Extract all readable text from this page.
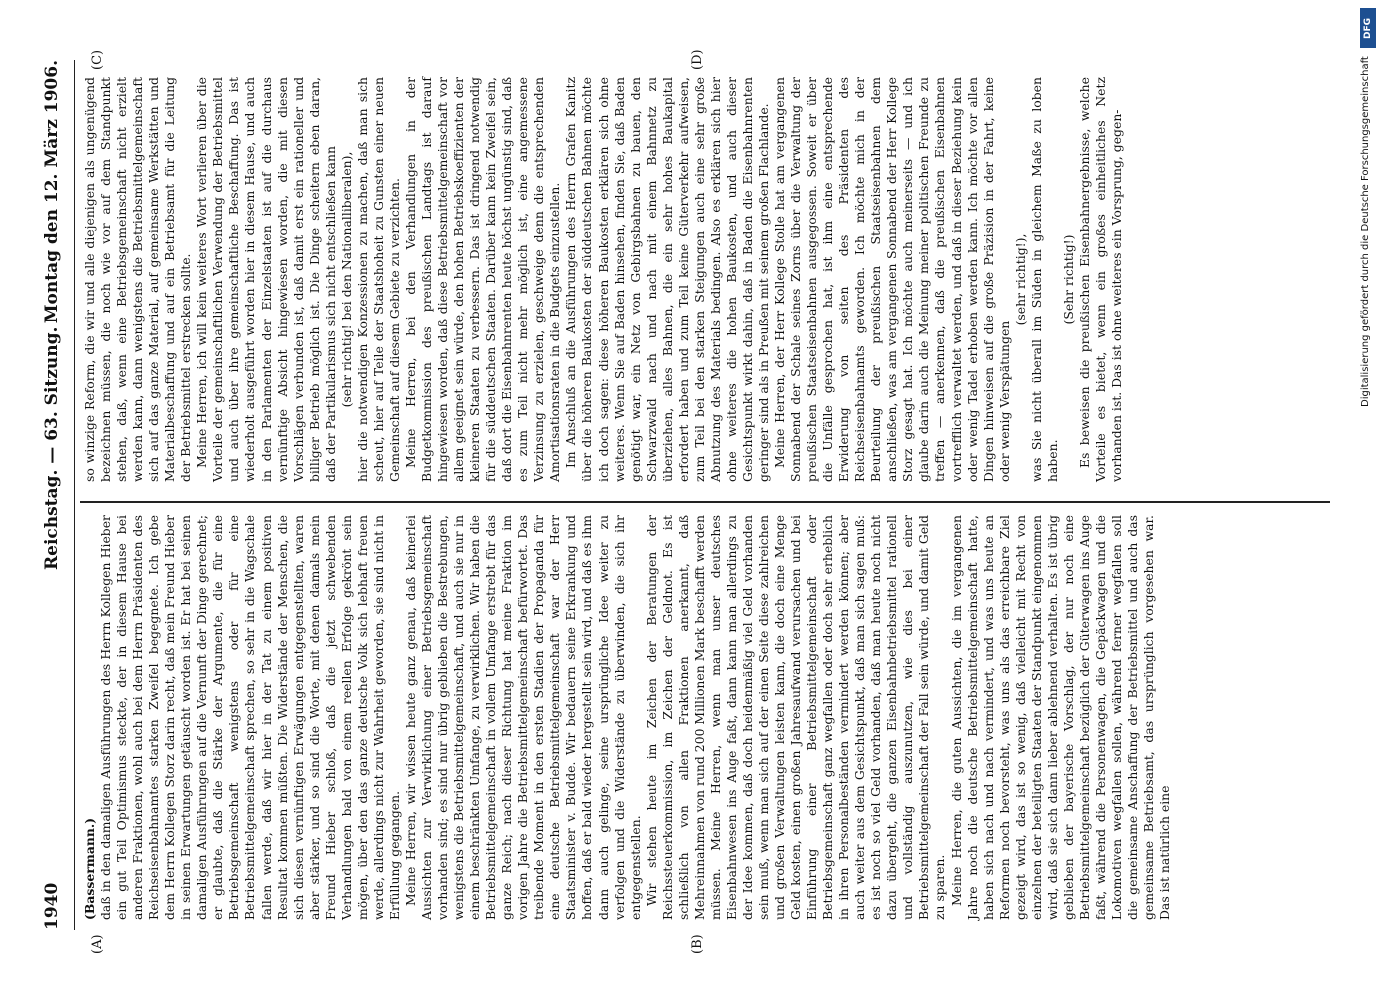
1940
Reichstag. — 63. Sitzung.
Montag den 12. März 1906.
(A)	(B)
(C)	(D)

(Bassermann.) daß in den damaligen Ausführungen des Herrn Kollegen Hieber ein gut Teil Optimismus steckte, der in diesem Hause bei anderen Fraktionen, wohl auch bei dem Herrn Präsidenten des Reichseisenbahnamtes starken Zweifel begegnete. Ich gebe dem Herrn Kollegen Storz darin recht, daß mein Freund Hieber in seinen Erwartungen getäuscht worden ist. Er hat bei seinen damaligen Ausführungen auf die Vernunft der Dinge gerechnet; er glaubte, daß die Stärke der Argumente, die für eine Betriebsgemeinschaft wenigstens oder für eine Betriebsmittelgemeinschaft sprechen, so sehr in die Wagschale fallen werde, daß wir hier in der Tat zu einem positiven Resultat kommen müßten. Die Widerstände der Menschen, die sich diesen vernünftigen Erwägungen entgegenstellten, waren aber stärker, und so sind die Worte, mit denen damals mein Freund Hieber schloß, daß die jetzt schwebenden Verhandlungen bald von einem reellen Erfolge gekrönt sein mögen, über den das ganze deutsche Volk sich lebhaft freuen werde, allerdings nicht zur Wahrheit geworden, sie sind nicht in Erfüllung gegangen. Meine Herren, wir wissen heute ganz genau, daß keinerlei Aussichten zur Verwirklichung einer Betriebsgemeinschaft vorhanden sind; es sind nur übrig geblieben die Bestrebungen, wenigstens die Betriebsmittelgemeinschaft, und auch sie nur in einem beschränkten Umfange, zu verwirklichen. Wir haben die Betriebsmittelgemeinschaft in vollem Umfange erstrebt für das ganze Reich; nach dieser Richtung hat meine Fraktion im vorigen Jahre die Betriebsmittelgemeinschaft befürwortet. Das treibende Moment in den ersten Stadien der Propaganda für eine deutsche Betriebsmittelgemeinschaft war der Herr Staatsminister v. Budde. Wir bedauern seine Erkrankung und hoffen, daß er bald wieder hergestellt sein wird, und daß es ihm dann auch gelinge, seine ursprüngliche Idee weiter zu verfolgen und die Widerstände zu überwinden, die sich ihr entgegenstellen. Wir stehen heute im Zeichen der Beratungen der Reichssteuerkommission, im Zeichen der Geldnot. Es ist schließlich von allen Fraktionen anerkannt, daß Mehreinnahmen von rund 200 Millionen Mark beschafft werden müssen. Meine Herren, wenn man unser deutsches Eisenbahnwesen ins Auge faßt, dann kann man allerdings zu der Idee kommen, daß doch heidenmäßig viel Geld vorhanden sein muß, wenn man sich auf der einen Seite diese zahlreichen und großen Verwaltungen leisten kann, die doch eine Menge Geld kosten, einen großen Jahresaufwand verursachen und bei Einführung einer Betriebsmittelgemeinschaft oder Betriebsgemeinschaft ganz wegfallen oder doch sehr erheblich in ihren Personalbeständen vermindert werden können; aber auch weiter aus dem Gesichtspunkt, daß man sich sagen muß: es ist noch so viel Geld vorhanden, daß man heute noch nicht dazu übergeht, die ganzen Eisenbahnbetriebsmittel rationell und vollständig auszunutzen, wie dies bei einer Betriebsmittelgemeinschaft der Fall sein würde, und damit Geld zu sparen. Meine Herren, die guten Aussichten, die im vergangenen Jahre noch die deutsche Betriebsmittelgemeinschaft hatte, haben sich nach und nach vermindert, und was uns heute an Reformen noch bevorsteht, was uns als das erreichbare Ziel gezeigt wird, das ist so wenig, daß vielleicht mit Recht von einzelnen der beteiligten Staaten der Standpunkt eingenommen wird, daß sie sich dann lieber ablehnend verhalten. Es ist übrig geblieben der bayerische Vorschlag, der nur noch eine Betriebsmittelgemeinschaft bezüglich der Güterwagen ins Auge faßt, während die Personenwagen, die Gepäckwagen und die Lokomotiven wegfallen sollen, während ferner wegfallen soll die gemeinsame Anschaffung der Betriebsmittel und auch das gemeinsame Betriebsamt, das ursprünglich vorgesehen war. Das ist natürlich eine

so winzige Reform, die wir und alle diejenigen als ungenügend bezeichnen müssen, die noch wie vor auf dem Standpunkt stehen, daß, wenn eine Betriebsgemeinschaft nicht erzielt werden kann, dann wenigstens die Betriebsmittelgemeinschaft sich auf das ganze Material, auf gemeinsame Werkstätten und Materialbeschaffung und auf ein Betriebsamt für die Leitung der Betriebsmittel erstrecken sollte. Meine Herren, ich will kein weiteres Wort verlieren über die Vorteile der gemeinschaftlichen Verwendung der Betriebsmittel und auch über ihre gemeinschaftliche Beschaffung. Das ist wiederholt ausgeführt worden hier in diesem Hause, und auch in den Parlamenten der Einzelstaaten ist auf die durchaus vernünftige Absicht hingewiesen worden, die mit diesen Vorschlägen verbunden ist, daß damit erst ein rationeller und billiger Betrieb möglich ist. Die Dinge scheitern eben daran, daß der Partikularismus sich nicht entschließen kann (sehr richtig! bei den Nationalliberalen), hier die notwendigen Konzessionen zu machen, daß man sich scheut, hier auf Teile der Staatshoheit zu Gunsten einer neuen Gemeinschaft auf diesem Gebiete zu verzichten. Meine Herren, bei den Verhandlungen in der Budgetkommission des preußischen Landtags ist darauf hingewiesen worden, daß diese Betriebsmittelgemeinschaft vor allem geeignet sein würde, den hohen Betriebskoeffizienten der kleineren Staaten zu verbessern. Das ist dringend notwendig für die süddeutschen Staaten. Darüber kann kein Zweifel sein, daß dort die Eisenbahnrenten heute höchst ungünstig sind, daß es zum Teil nicht mehr möglich ist, eine angemessene Verzinsung zu erzielen, geschweige denn die entsprechenden Amortisationsraten in die Budgets einzustellen. Im Anschluß an die Ausführungen des Herrn Grafen Kanitz über die höheren Baukosten der süddeutschen Bahnen möchte ich doch sagen: diese höheren Baukosten erklären sich ohne weiteres. Wenn Sie auf Baden hinsehen, finden Sie, daß Baden genötigt war, ein Netz von Gebirgsbahnen zu bauen, den Schwarzwald nach und nach mit einem Bahnnetz zu überziehen, alles Bahnen, die ein sehr hohes Baukapital erfordert haben und zum Teil keine Güterverkehr aufweisen, zum Teil bei den starken Steigungen auch eine sehr große Abnutzung des Materials bedingen. Also es erklären sich hier ohne weiteres die hohen Baukosten, und auch dieser Gesichtspunkt wirkt dahin, daß in Baden die Eisenbahnrenten geringer sind als in Preußen mit seinem großen Flachlande. Meine Herren, der Herr Kollege Stolle hat am vergangenen Sonnabend der Schale seines Zorns über die Verwaltung der preußischen Staatseisenbahnen ausgegossen. Soweit er über die Unfälle gesprochen hat, ist ihm eine entsprechende Erwiderung von seiten des Präsidenten des Reichseisenbahnamts geworden. Ich möchte mich in der Beurteilung der preußischen Staatseisenbahnen dem anschließen, was am vergangenen Sonnabend der Herr Kollege Storz gesagt hat. Ich möchte auch meinerseits — und ich glaube darin auch die Meinung meiner politischen Freunde zu treffen — anerkennen, daß die preußischen Eisenbahnen vortrefflich verwaltet werden, und daß in dieser Beziehung kein oder wenig Tadel erhoben werden kann. Ich möchte vor allen Dingen hinweisen auf die große Präzision in der Fahrt, keine oder wenig Verspätungen

(sehr richtig!), was Sie nicht überall im Süden in gleichem Maße zu loben haben.

(Sehr richtig!) Es beweisen die preußischen Eisenbahnergebnisse, welche Vorteile es bietet, wenn ein großes einheitliches Netz vorhanden ist. Das ist ohne weiteres ein Vorsprung, gegen-

DFG
Digitalisierung gefördert durch die Deutsche Forschungsgemeinschaft
